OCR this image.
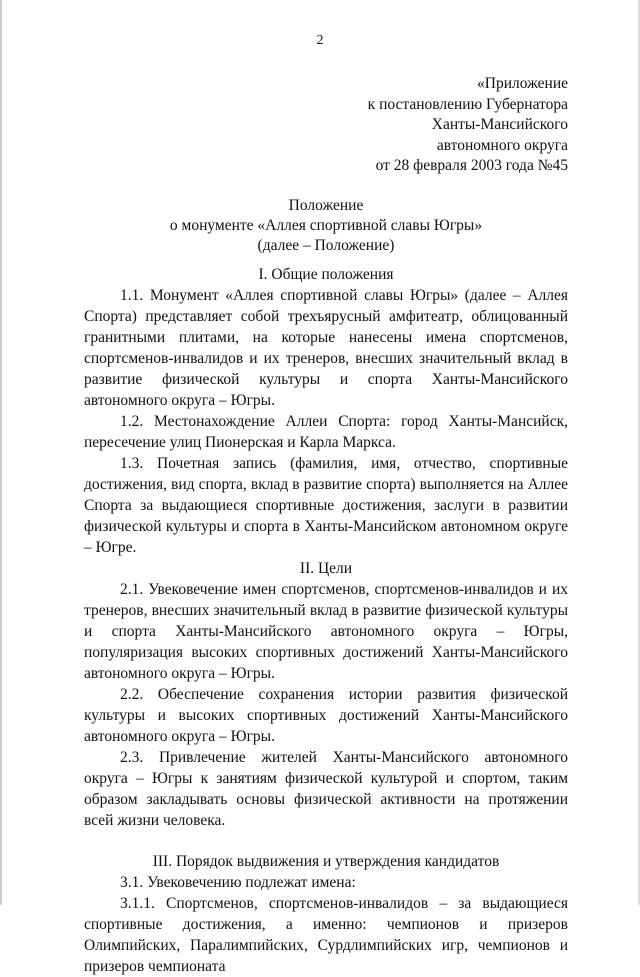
2
«Приложение
к постановлению Губернатора
Ханты-Мансийского
автономного округа
от 28 февраля 2003 года №45
Положение
о монументе «Аллея спортивной славы Югры»
(далее – Положение)
I. Общие положения

1.1. Монумент «Аллея спортивной славы Югры» (далее – Аллея Спорта) представляет собой трехъярусный амфитеатр, облицованный гранитными плитами, на которые нанесены имена спортсменов, спортсменов-инвалидов и их тренеров, внесших значительный вклад в развитие физической культуры и спорта Ханты-Мансийского автономного округа – Югры.

1.2. Местонахождение Аллеи Спорта: город Ханты-Мансийск, пересечение улиц Пионерская и Карла Маркса.

1.3. Почетная запись (фамилия, имя, отчество, спортивные достижения, вид спорта, вклад в развитие спорта) выполняется на Аллее Спорта за выдающиеся спортивные достижения, заслуги в развитии физической культуры и спорта в Ханты-Мансийском автономном округе – Югре.

II. Цели

2.1. Увековечение имен спортсменов, спортсменов-инвалидов и их тренеров, внесших значительный вклад в развитие физической культуры и спорта Ханты-Мансийского автономного округа – Югры, популяризация высоких спортивных достижений Ханты-Мансийского автономного округа – Югры.

2.2. Обеспечение сохранения истории развития физической культуры и высоких спортивных достижений Ханты-Мансийского автономного округа – Югры.

2.3. Привлечение жителей Ханты-Мансийского автономного округа – Югры к занятиям физической культурой и спортом, таким образом закладывать основы физической активности на протяжении всей жизни человека.

III. Порядок выдвижения и утверждения кандидатов

3.1. Увековечению подлежат имена:

3.1.1. Спортсменов, спортсменов-инвалидов – за выдающиеся спортивные достижения, а именно: чемпионов и призеров Олимпийских, Паралимпийских, Сурдлимпийских игр, чемпионов и призеров чемпионата
